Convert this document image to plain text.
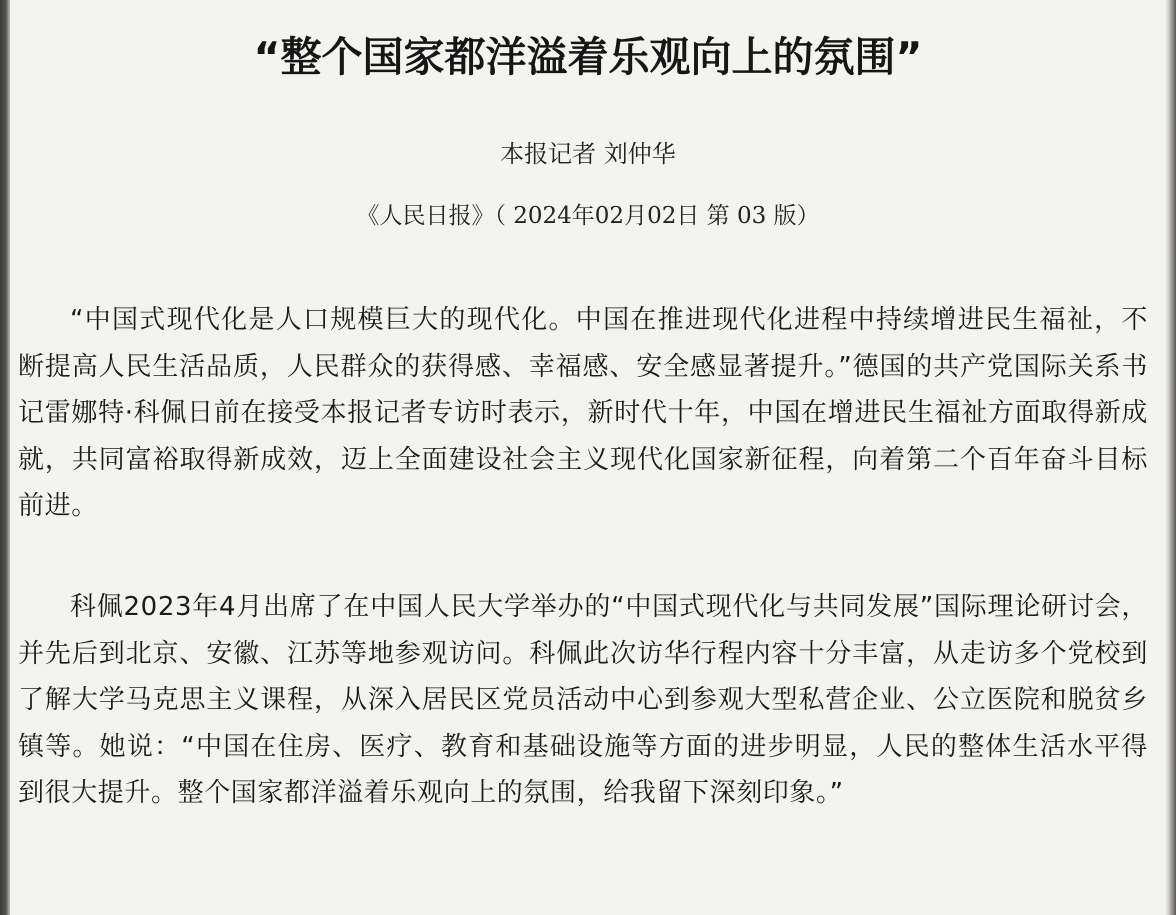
“整个国家都洋溢着乐观向上的氛围”
本报记者 刘仲华
《人民日报》（ 2024年02月02日 第 03 版）

“中国式现代化是人口规模巨大的现代化。中国在推进现代化进程中持续增进民生福祉，不断提高人民生活品质，人民群众的获得感、幸福感、安全感显著提升。”德国的共产党国际关系书记雷娜特·科佩日前在接受本报记者专访时表示，新时代十年，中国在增进民生福祉方面取得新成就，共同富裕取得新成效，迈上全面建设社会主义现代化国家新征程，向着第二个百年奋斗目标前进。

科佩2023年4月出席了在中国人民大学举办的“中国式现代化与共同发展”国际理论研讨会，并先后到北京、安徽、江苏等地参观访问。科佩此次访华行程内容十分丰富，从走访多个党校到了解大学马克思主义课程，从深入居民区党员活动中心到参观大型私营企业、公立医院和脱贫乡镇等。她说：“中国在住房、医疗、教育和基础设施等方面的进步明显，人民的整体生活水平得到很大提升。整个国家都洋溢着乐观向上的氛围，给我留下深刻印象。”
